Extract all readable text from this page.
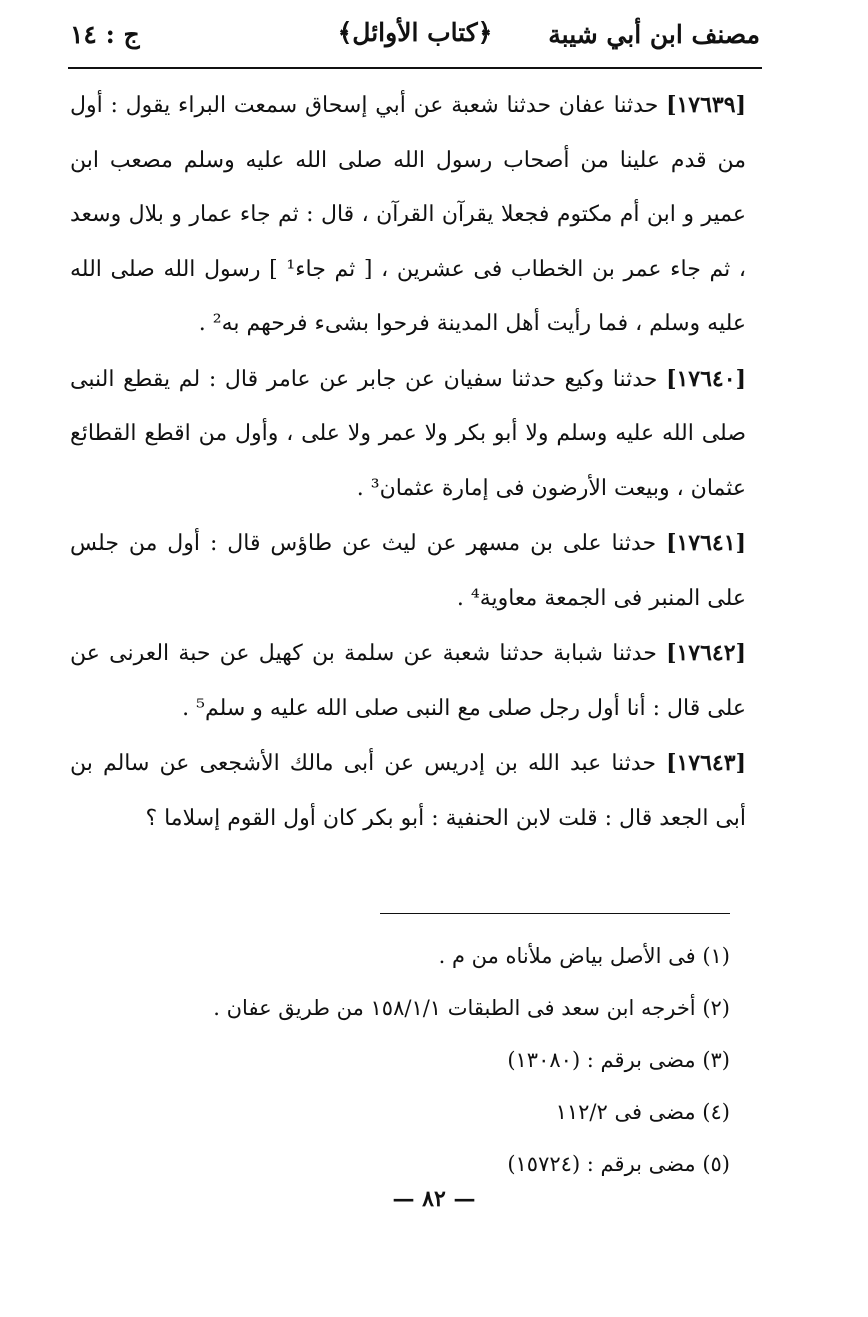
مصنف ابن أبي شيبة
﴿كتاب الأوائل﴾
ج : ١٤

[١٧٦٣٩] حدثنا عفان حدثنا شعبة عن أبي إسحاق سمعت البراء يقول : أول من قدم علينا من أصحاب رسول الله صلى الله عليه وسلم مصعب ابن عمير و ابن أم مكتوم فجعلا يقرآن القرآن ، قال : ثم جاء عمار و بلال وسعد ، ثم جاء عمر بن الخطاب فى عشرين ، [ ثم جاء¹ ] رسول الله صلى الله عليه وسلم ، فما رأيت أهل المدينة فرحوا بشىء فرحهم به² .

[١٧٦٤٠] حدثنا وكيع حدثنا سفيان عن جابر عن عامر قال : لم يقطع النبى صلى الله عليه وسلم ولا أبو بكر ولا عمر ولا على ، وأول من اقطع القطائع عثمان ، وبيعت الأرضون فى إمارة عثمان³ .

[١٧٦٤١] حدثنا على بن مسهر عن ليث عن طاؤس قال : أول من جلس على المنبر فى الجمعة معاوية⁴ .

[١٧٦٤٢] حدثنا شبابة حدثنا شعبة عن سلمة بن كهيل عن حبة العرنى عن على قال : أنا أول رجل صلى مع النبى صلى الله عليه و سلم⁵ .

[١٧٦٤٣] حدثنا عبد الله بن إدريس عن أبى مالك الأشجعى عن سالم بن أبى الجعد قال : قلت لابن الحنفية : أبو بكر كان أول القوم إسلاما ؟

(١) فى الأصل بياض ملأناه من م .
(٢) أخرجه ابن سعد فى الطبقات ١٥٨/١/١ من طريق عفان .
(٣) مضى برقم : (١٣٠٨٠)
(٤) مضى فى ١١٢/٢
(٥) مضى برقم : (١٥٧٢٤)
— ٨٢ —
